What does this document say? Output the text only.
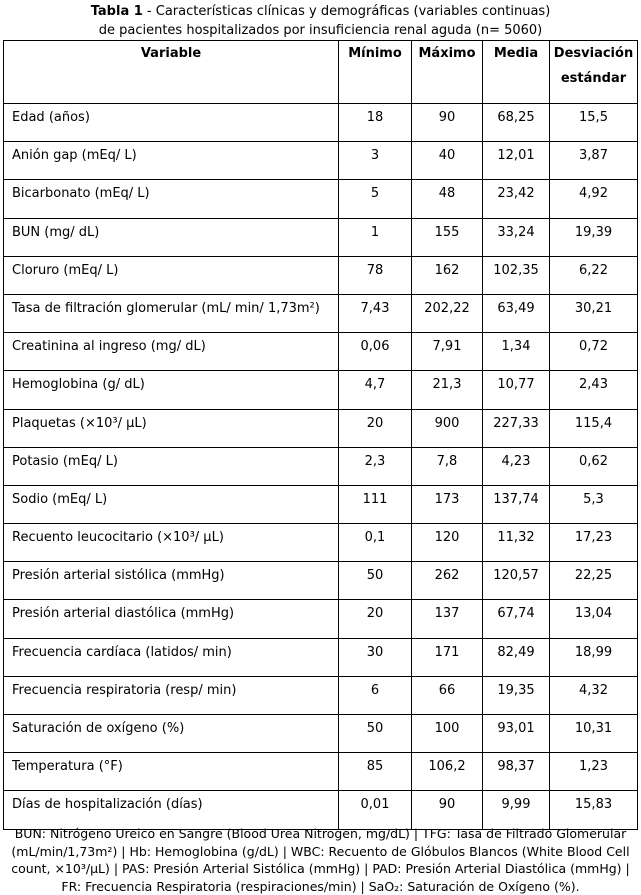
Tabla 1 - Características clínicas y demográficas (variables continuas)
de pacientes hospitalizados por insuficiencia renal aguda (n= 5060)
Variable	Mínimo	Máximo	Media	Desviación estándar
Edad (años)	18	90	68,25	15,5
Anión gap (mEq/ L)	3	40	12,01	3,87
Bicarbonato (mEq/ L)	5	48	23,42	4,92
BUN (mg/ dL)	1	155	33,24	19,39
Cloruro (mEq/ L)	78	162	102,35	6,22
Tasa de filtración glomerular (mL/ min/ 1,73m²)	7,43	202,22	63,49	30,21
Creatinina al ingreso (mg/ dL)	0,06	7,91	1,34	0,72
Hemoglobina (g/ dL)	4,7	21,3	10,77	2,43
Plaquetas (×10³/ µL)	20	900	227,33	115,4
Potasio (mEq/ L)	2,3	7,8	4,23	0,62
Sodio (mEq/ L)	111	173	137,74	5,3
Recuento leucocitario (×10³/ µL)	0,1	120	11,32	17,23
Presión arterial sistólica (mmHg)	50	262	120,57	22,25
Presión arterial diastólica (mmHg)	20	137	67,74	13,04
Frecuencia cardíaca (latidos/ min)	30	171	82,49	18,99
Frecuencia respiratoria (resp/ min)	6	66	19,35	4,32
Saturación de oxígeno (%)	50	100	93,01	10,31
Temperatura (°F)	85	106,2	98,37	1,23
Días de hospitalización (días)	0,01	90	9,99	15,83
BUN: Nitrógeno Ureico en Sangre (Blood Urea Nitrogen, mg/dL) | TFG: Tasa de Filtrado Glomerular (mL/min/1,73m²) | Hb: Hemoglobina (g/dL) | WBC: Recuento de Glóbulos Blancos (White Blood Cell count, ×10³/µL) | PAS: Presión Arterial Sistólica (mmHg) | PAD: Presión Arterial Diastólica (mmHg) | FR: Frecuencia Respiratoria (respiraciones/min) | SaO₂: Saturación de Oxígeno (%).
